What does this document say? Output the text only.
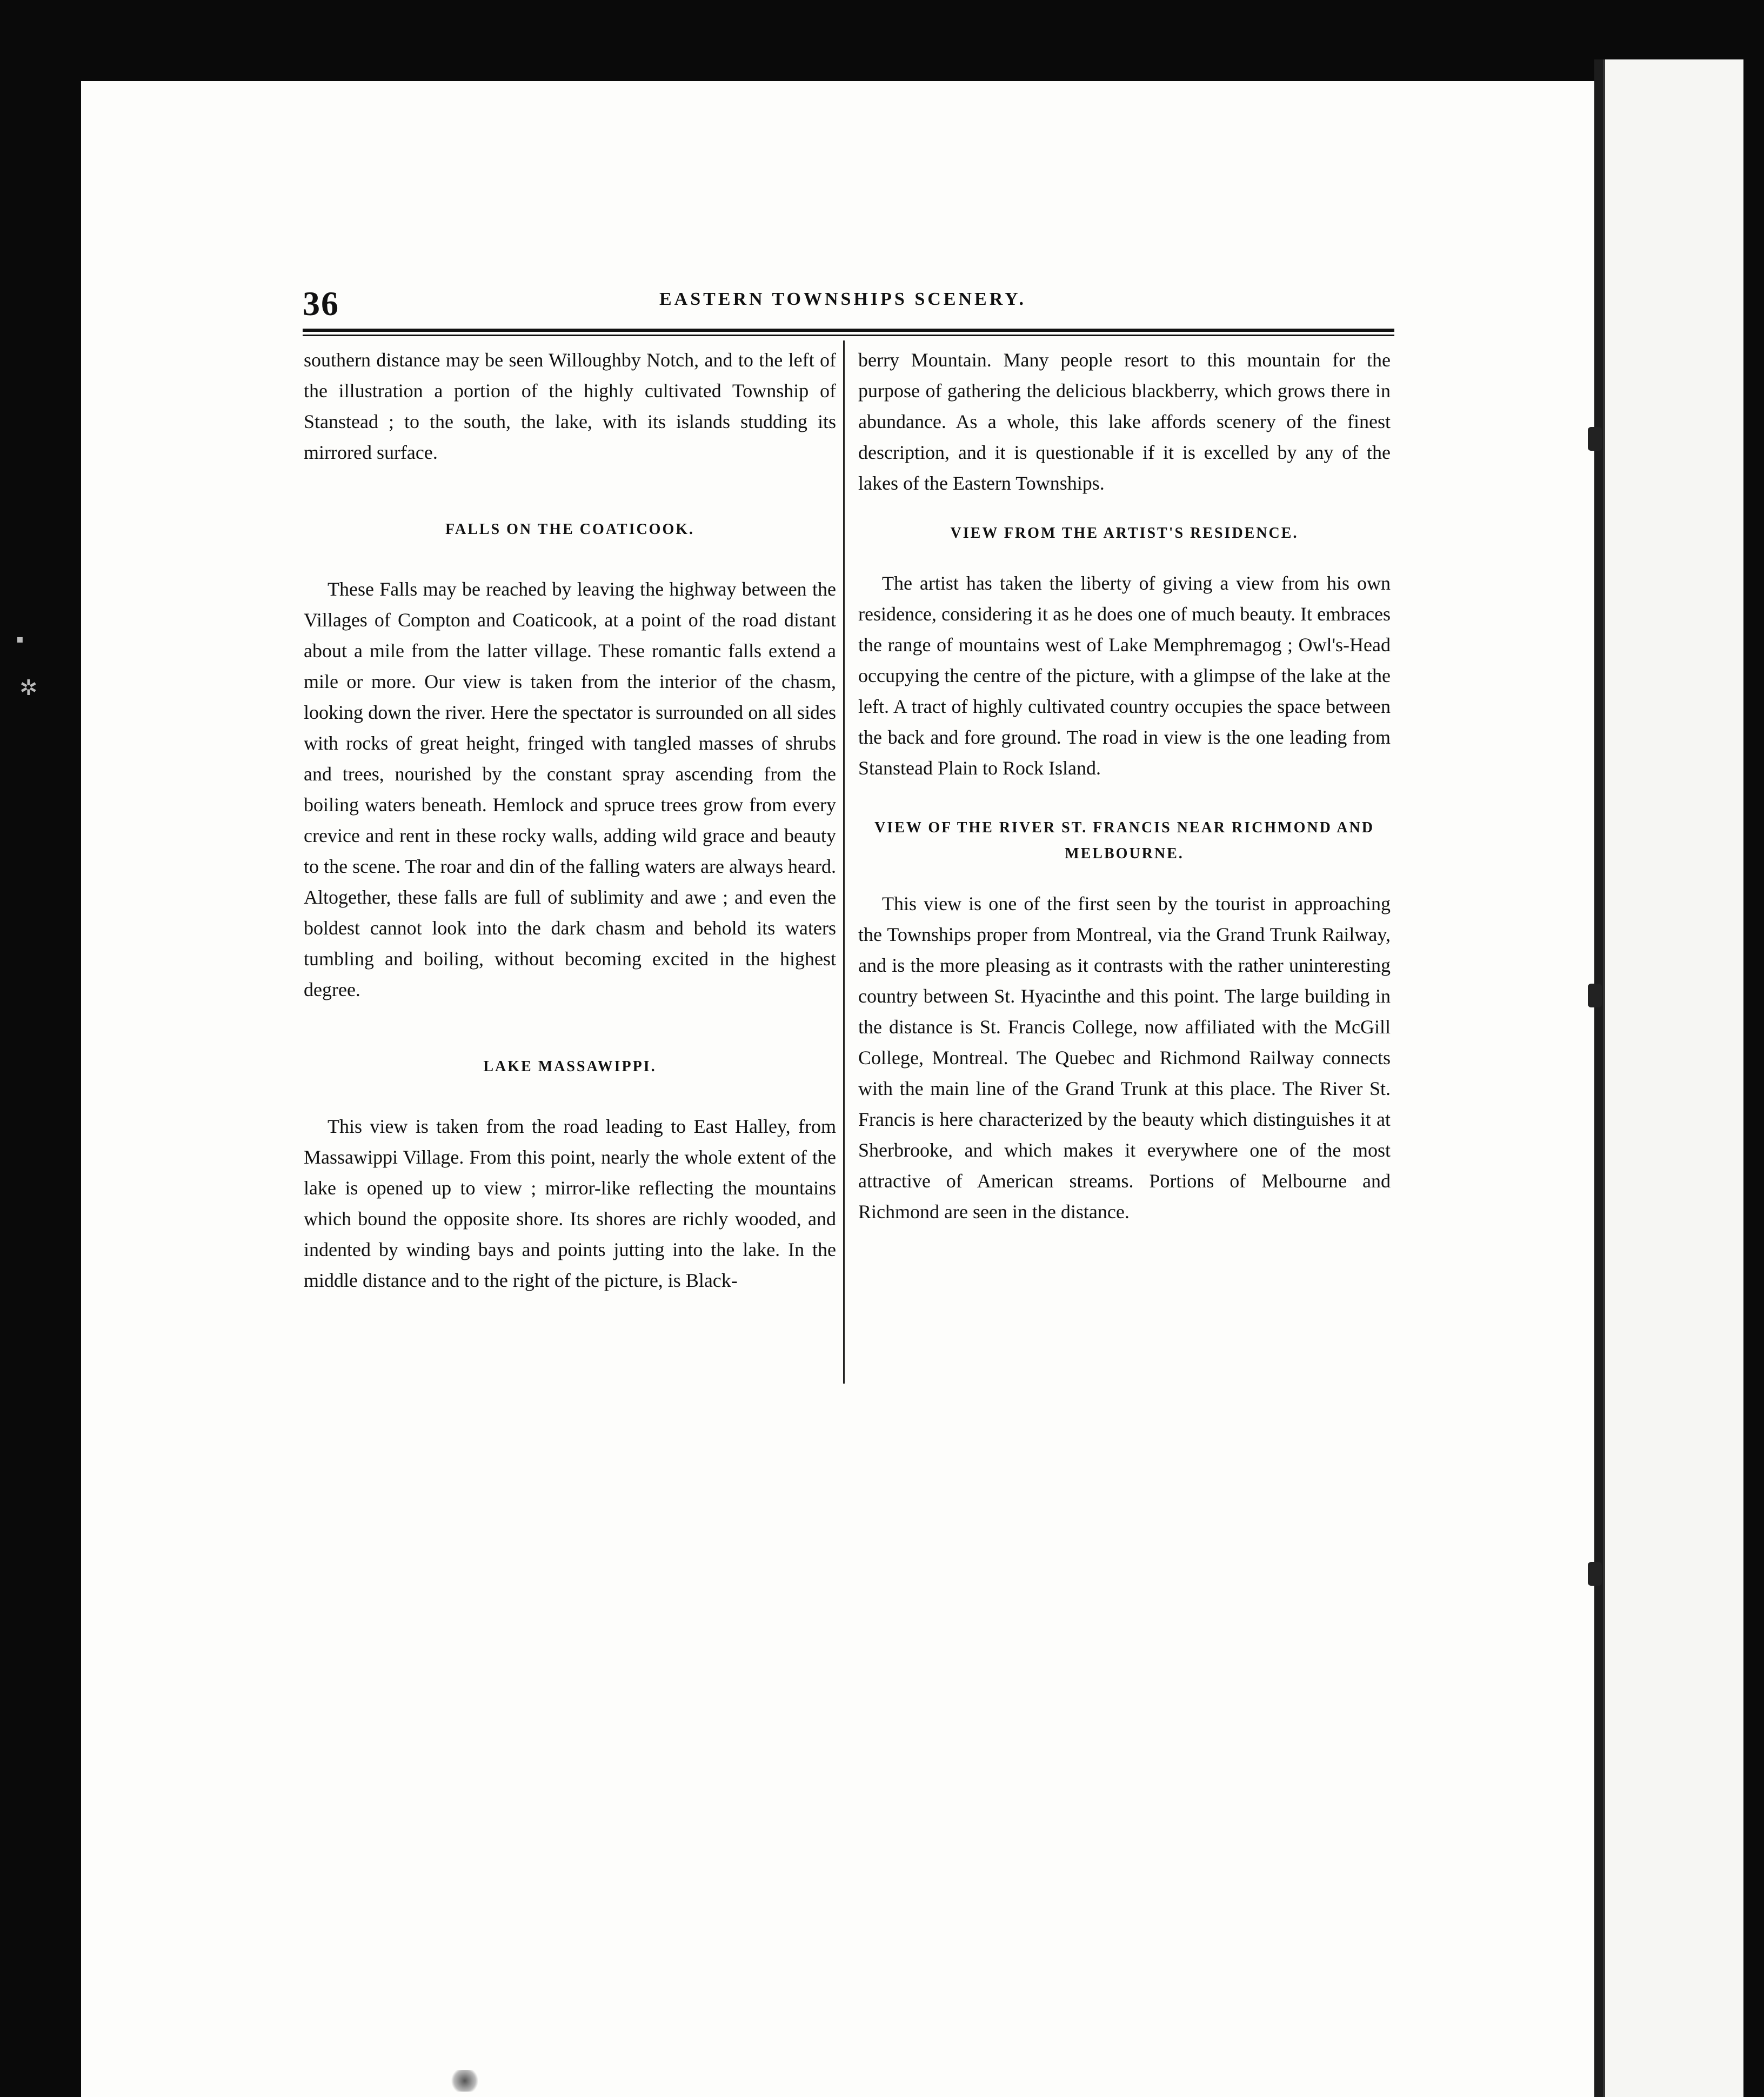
▪
✲
36	EASTERN TOWNSHIPS SCENERY.

southern distance may be seen Willoughby Notch, and to the left of the illustration a portion of the highly cultivated Township of Stanstead ; to the south, the lake, with its islands studding its mirrored surface.

FALLS ON THE COATICOOK.

These Falls may be reached by leaving the highway between the Villages of Compton and Coaticook, at a point of the road distant about a mile from the latter village. These romantic falls extend a mile or more. Our view is taken from the interior of the chasm, looking down the river. Here the spectator is surrounded on all sides with rocks of great height, fringed with tangled masses of shrubs and trees, nourished by the constant spray ascending from the boiling waters beneath. Hemlock and spruce trees grow from every crevice and rent in these rocky walls, adding wild grace and beauty to the scene. The roar and din of the falling waters are always heard. Altogether, these falls are full of sublimity and awe ; and even the boldest cannot look into the dark chasm and behold its waters tumbling and boiling, without becoming excited in the highest degree.

LAKE MASSAWIPPI.

This view is taken from the road leading to East Halley, from Massawippi Village. From this point, nearly the whole extent of the lake is opened up to view ; mirror-like reflecting the mountains which bound the opposite shore. Its shores are richly wooded, and indented by winding bays and points jutting into the lake. In the middle distance and to the right of the picture, is Black-

berry Mountain. Many people resort to this mountain for the purpose of gathering the delicious blackberry, which grows there in abundance. As a whole, this lake affords scenery of the finest description, and it is questionable if it is excelled by any of the lakes of the Eastern Townships.

VIEW FROM THE ARTIST'S RESIDENCE.

The artist has taken the liberty of giving a view from his own residence, considering it as he does one of much beauty. It embraces the range of mountains west of Lake Memphremagog ; Owl's-Head occupying the centre of the picture, with a glimpse of the lake at the left. A tract of highly cultivated country occupies the space between the back and fore ground. The road in view is the one leading from Stanstead Plain to Rock Island.

VIEW OF THE RIVER ST. FRANCIS NEAR RICHMOND AND MELBOURNE.

This view is one of the first seen by the tourist in approaching the Townships proper from Montreal, via the Grand Trunk Railway, and is the more pleasing as it contrasts with the rather uninteresting country between St. Hyacinthe and this point. The large building in the distance is St. Francis College, now affiliated with the McGill College, Montreal. The Quebec and Richmond Railway connects with the main line of the Grand Trunk at this place. The River St. Francis is here characterized by the beauty which distinguishes it at Sherbrooke, and which makes it everywhere one of the most attractive of American streams. Portions of Melbourne and Richmond are seen in the distance.
